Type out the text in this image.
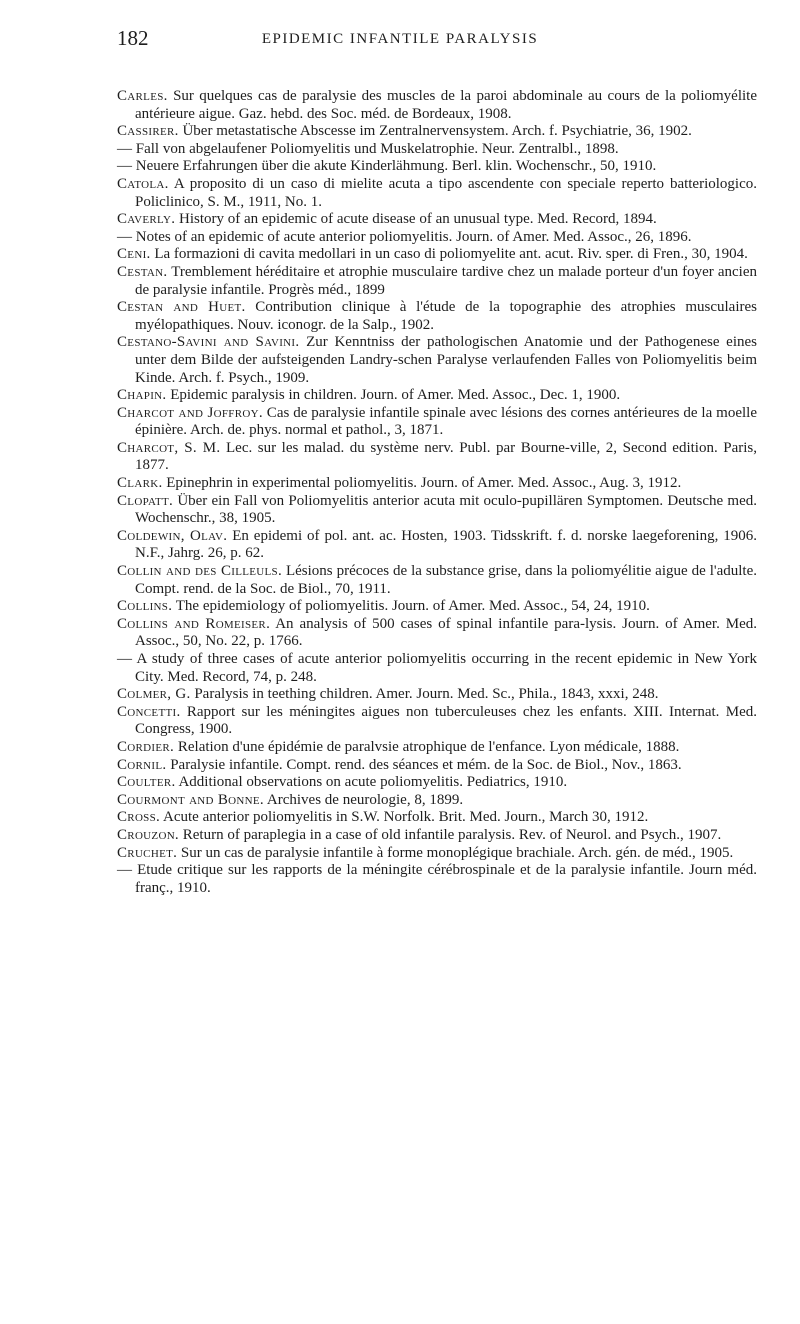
182	EPIDEMIC INFANTILE PARALYSIS
Carles. Sur quelques cas de paralysie des muscles de la paroi abdominale au cours de la poliomyélite antérieure aigue. Gaz. hebd. des Soc. méd. de Bordeaux, 1908.
Cassirer. Über metastatische Abscesse im Zentralnervensystem. Arch. f. Psychiatrie, 36, 1902.
— Fall von abgelaufener Poliomyelitis und Muskelatrophie. Neur. Zentralbl., 1898.
— Neuere Erfahrungen über die akute Kinderlähmung. Berl. klin. Wochenschr., 50, 1910.
Catola. A proposito di un caso di mielite acuta a tipo ascendente con speciale reperto batteriologico. Policlinico, S. M., 1911, No. 1.
Caverly. History of an epidemic of acute disease of an unusual type. Med. Record, 1894.
— Notes of an epidemic of acute anterior poliomyelitis. Journ. of Amer. Med. Assoc., 26, 1896.
Ceni. La formazioni di cavita medollari in un caso di poliomyelite ant. acut. Riv. sper. di Fren., 30, 1904.
Cestan. Tremblement héréditaire et atrophie musculaire tardive chez un malade porteur d'un foyer ancien de paralysie infantile. Progrès méd., 1899
Cestan and Huet. Contribution clinique à l'étude de la topographie des atrophies musculaires myélopathiques. Nouv. iconogr. de la Salp., 1902.
Cestano-Savini and Savini. Zur Kenntniss der pathologischen Anatomie und der Pathogenese eines unter dem Bilde der aufsteigenden Landry-schen Paralyse verlaufenden Falles von Poliomyelitis beim Kinde. Arch. f. Psych., 1909.
Chapin. Epidemic paralysis in children. Journ. of Amer. Med. Assoc., Dec. 1, 1900.
Charcot and Joffroy. Cas de paralysie infantile spinale avec lésions des cornes antérieures de la moelle épinière. Arch. de. phys. normal et pathol., 3, 1871.
Charcot, S. M. Lec. sur les malad. du système nerv. Publ. par Bourne-ville, 2, Second edition. Paris, 1877.
Clark. Epinephrin in experimental poliomyelitis. Journ. of Amer. Med. Assoc., Aug. 3, 1912.
Clopatt. Über ein Fall von Poliomyelitis anterior acuta mit oculo-pupillären Symptomen. Deutsche med. Wochenschr., 38, 1905.
Coldewin, Olav. En epidemi of pol. ant. ac. Hosten, 1903. Tidsskrift. f. d. norske laegeforening, 1906. N.F., Jahrg. 26, p. 62.
Collin and des Cilleuls. Lésions précoces de la substance grise, dans la poliomyélitie aigue de l'adulte. Compt. rend. de la Soc. de Biol., 70, 1911.
Collins. The epidemiology of poliomyelitis. Journ. of Amer. Med. Assoc., 54, 24, 1910.
Collins and Romeiser. An analysis of 500 cases of spinal infantile para-lysis. Journ. of Amer. Med. Assoc., 50, No. 22, p. 1766.
— A study of three cases of acute anterior poliomyelitis occurring in the recent epidemic in New York City. Med. Record, 74, p. 248.
Colmer, G. Paralysis in teething children. Amer. Journ. Med. Sc., Phila., 1843, xxxi, 248.
Concetti. Rapport sur les méningites aigues non tuberculeuses chez les enfants. XIII. Internat. Med. Congress, 1900.
Cordier. Relation d'une épidémie de paralvsie atrophique de l'enfance. Lyon médicale, 1888.
Cornil. Paralysie infantile. Compt. rend. des séances et mém. de la Soc. de Biol., Nov., 1863.
Coulter. Additional observations on acute poliomyelitis. Pediatrics, 1910.
Courmont and Bonne. Archives de neurologie, 8, 1899.
Cross. Acute anterior poliomyelitis in S.W. Norfolk. Brit. Med. Journ., March 30, 1912.
Crouzon. Return of paraplegia in a case of old infantile paralysis. Rev. of Neurol. and Psych., 1907.
Cruchet. Sur un cas de paralysie infantile à forme monoplégique brachiale. Arch. gén. de méd., 1905.
— Etude critique sur les rapports de la méningite cérébrospinale et de la paralysie infantile. Journ méd. franç., 1910.
